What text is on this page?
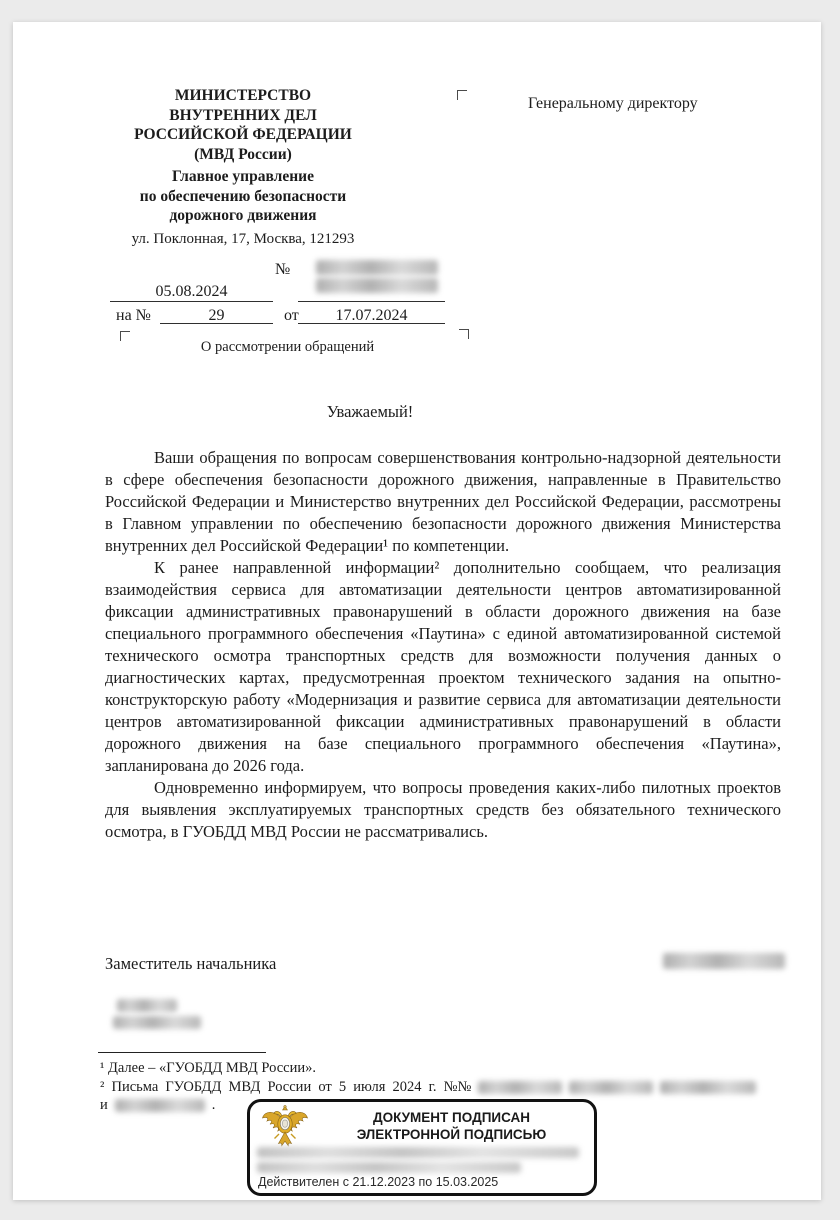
МИНИСТЕРСТВО
ВНУТРЕННИХ ДЕЛ
РОССИЙСКОЙ ФЕДЕРАЦИИ
(МВД России)
Главное управление
по обеспечению безопасности
дорожного движения
ул. Поклонная, 17, Москва, 121293
Генеральному директору
№
05.08.2024
на №	29	от	17.07.2024
О рассмотрении обращений
Уважаемый!

Ваши обращения по вопросам совершенствования контрольно-надзорной деятельности в сфере обеспечения безопасности дорожного движения, направленные в Правительство Российской Федерации и Министерство внутренних дел Российской Федерации, рассмотрены в Главном управлении по обеспечению безопасности дорожного движения Министерства внутренних дел Российской Федерации¹ по компетенции.

К ранее направленной информации² дополнительно сообщаем, что реализация взаимодействия сервиса для автоматизации деятельности центров автоматизированной фиксации административных правонарушений в области дорожного движения на базе специального программного обеспечения «Паутина» с единой автоматизированной системой технического осмотра транспортных средств для возможности получения данных о диагностических картах, предусмотренная проектом технического задания на опытно-конструкторскую работу «Модернизация и развитие сервиса для автоматизации деятельности центров автоматизированной фиксации административных правонарушений в области дорожного движения на базе специального программного обеспечения «Паутина», запланирована до 2026 года.

Одновременно информируем, что вопросы проведения каких-либо пилотных проектов для выявления эксплуатируемых транспортных средств без обязательного технического осмотра, в ГУОБДД МВД России не рассматривались.

Заместитель начальника
¹ Далее – «ГУОБДД МВД России».
² Письма ГУОБДД МВД России от 5 июля 2024 г. №№
и	.
ДОКУМЕНТ ПОДПИСАН
ЭЛЕКТРОННОЙ ПОДПИСЬЮ
Действителен с 21.12.2023 по 15.03.2025
